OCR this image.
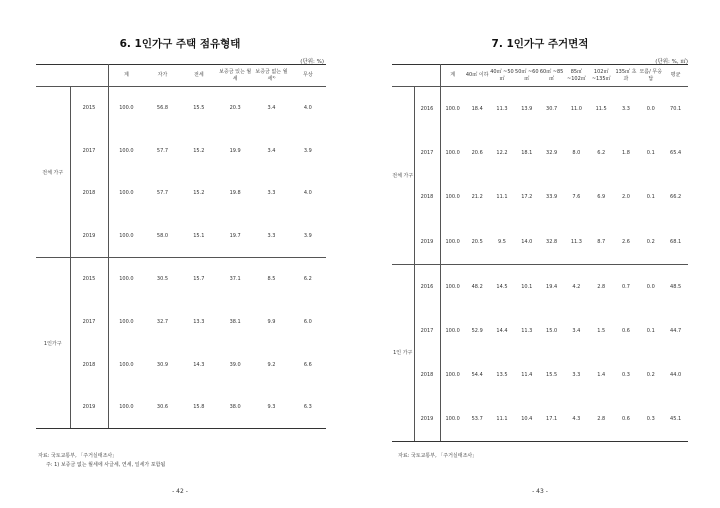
6. 1인가구 주택 점유형태
(단위: %)
		계	자가	전세	보증금 있는 월세	보증금 없는 월세¹⁾	무상
전체 가구	2015	100.0	56.8	15.5	20.3	3.4	4.0
	2017	100.0	57.7	15.2	19.9	3.4	3.9
	2018	100.0	57.7	15.2	19.8	3.3	4.0
	2019	100.0	58.0	15.1	19.7	3.3	3.9
1인가구	2015	100.0	30.5	15.7	37.1	8.5	6.2
	2017	100.0	32.7	13.3	38.1	9.9	6.0
	2018	100.0	30.9	14.3	39.0	9.2	6.6
	2019	100.0	30.6	15.8	38.0	9.3	6.3
자료: 국토교통부, 「주거실태조사」
주: 1) 보증금 없는 월세에 사글세, 연세, 일세가 포함됨
- 42 -
7. 1인가구 주거면적
(단위: %, ㎡)
		계	40㎡ 이하	40㎡ ~50㎡	50㎡ ~60㎡	60㎡ ~85㎡	85㎡ ~102㎡	102㎡ ~135㎡	135㎡ 초과	모름/ 무응답	평균
전체 가구	2016	100.0	18.4	11.3	13.9	30.7	11.0	11.5	3.3	0.0	70.1
	2017	100.0	20.6	12.2	18.1	32.9	8.0	6.2	1.8	0.1	65.4
	2018	100.0	21.2	11.1	17.2	33.9	7.6	6.9	2.0	0.1	66.2
	2019	100.0	20.5	9.5	14.0	32.8	11.3	8.7	2.6	0.2	68.1
1인 가구	2016	100.0	48.2	14.5	10.1	19.4	4.2	2.8	0.7	0.0	48.5
	2017	100.0	52.9	14.4	11.3	15.0	3.4	1.5	0.6	0.1	44.7
	2018	100.0	54.4	13.5	11.4	15.5	3.3	1.4	0.3	0.2	44.0
	2019	100.0	53.7	11.1	10.4	17.1	4.3	2.8	0.6	0.3	45.1
자료: 국토교통부, 「주거실태조사」
- 43 -
